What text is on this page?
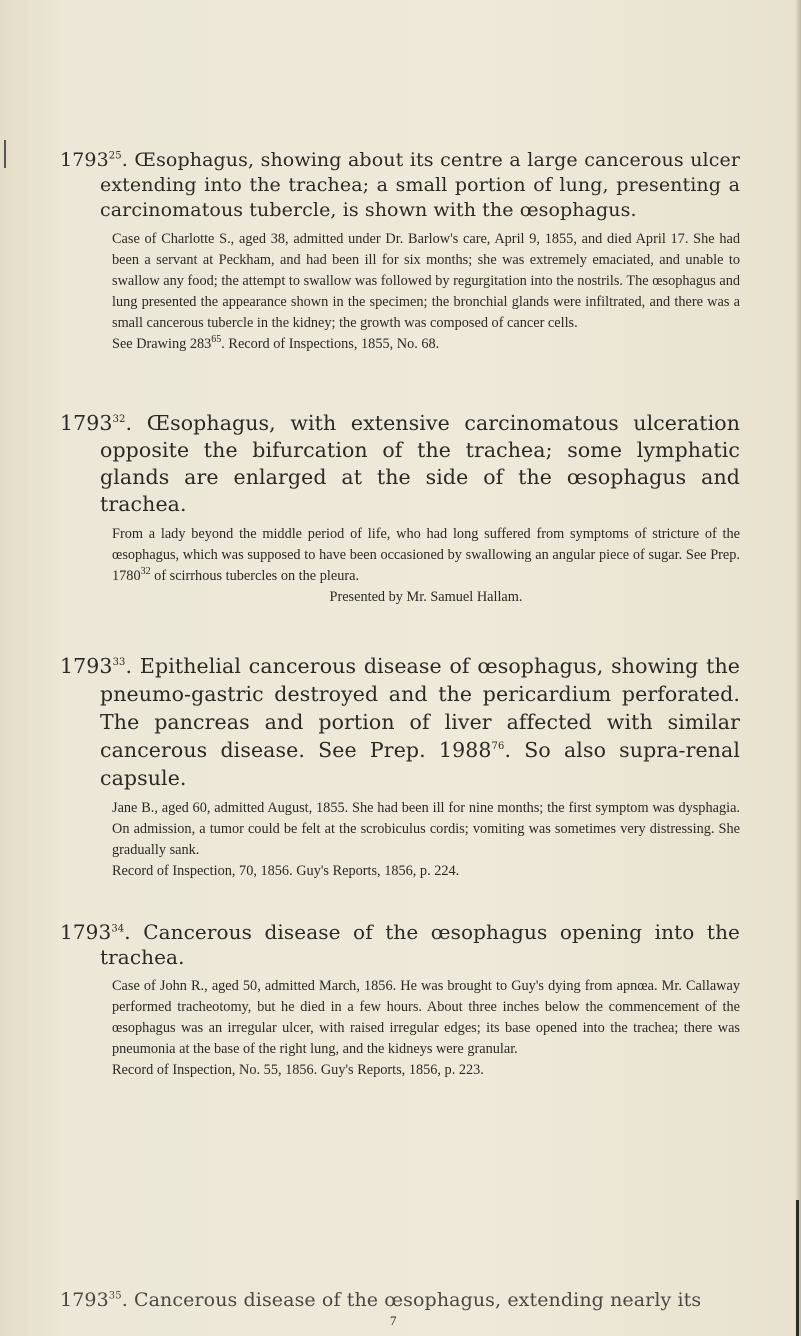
1793$^{25}$. Œsophagus, showing about its centre a large cancerous ulcer extending into the trachea; a small portion of lung, presenting a carcinomatous tubercle, is shown with the œsophagus.

Case of Charlotte S., aged 38, admitted under Dr. Barlow's care, April 9, 1855, and died April 17. She had been a servant at Peckham, and had been ill for six months; she was extremely emaciated, and unable to swallow any food; the attempt to swallow was followed by regurgitation into the nostrils. The œsophagus and lung presented the appearance shown in the specimen; the bronchial glands were infiltrated, and there was a small cancerous tubercle in the kidney; the growth was composed of cancer cells.

See Drawing $283^{65}$. Record of Inspections, 1855, No. 68.

1793$^{32}$. Œsophagus, with extensive carcinomatous ulceration opposite the bifurcation of the trachea; some lymphatic glands are enlarged at the side of the œsophagus and trachea.

From a lady beyond the middle period of life, who had long suffered from symptoms of stricture of the œsophagus, which was supposed to have been occasioned by swallowing an angular piece of sugar. See Prep. 1780$^{32}$ of scirrhous tubercles on the pleura.

Presented by Mr. Samuel Hallam.

1793$^{33}$. Epithelial cancerous disease of œsophagus, showing the pneumo-gastric destroyed and the pericardium perforated. The pancreas and portion of liver affected with similar cancerous disease. See Prep. 1988$^{76}$. So also supra-renal capsule.

Jane B., aged 60, admitted August, 1855. She had been ill for nine months; the first symptom was dysphagia. On admission, a tumor could be felt at the scrobiculus cordis; vomiting was sometimes very distressing. She gradually sank.

Record of Inspection, 70, 1856. Guy's Reports, 1856, p. 224.

1793$^{34}$. Cancerous disease of the œsophagus opening into the trachea.

Case of John R., aged 50, admitted March, 1856. He was brought to Guy's dying from apnœa. Mr. Callaway performed tracheotomy, but he died in a few hours. About three inches below the commencement of the œsophagus was an irregular ulcer, with raised irregular edges; its base opened into the trachea; there was pneumonia at the base of the right lung, and the kidneys were granular.

Record of Inspection, No. 55, 1856. Guy's Reports, 1856, p. 223.

1793$^{35}$. Cancerous disease of the œsophagus, extending nearly its
7
